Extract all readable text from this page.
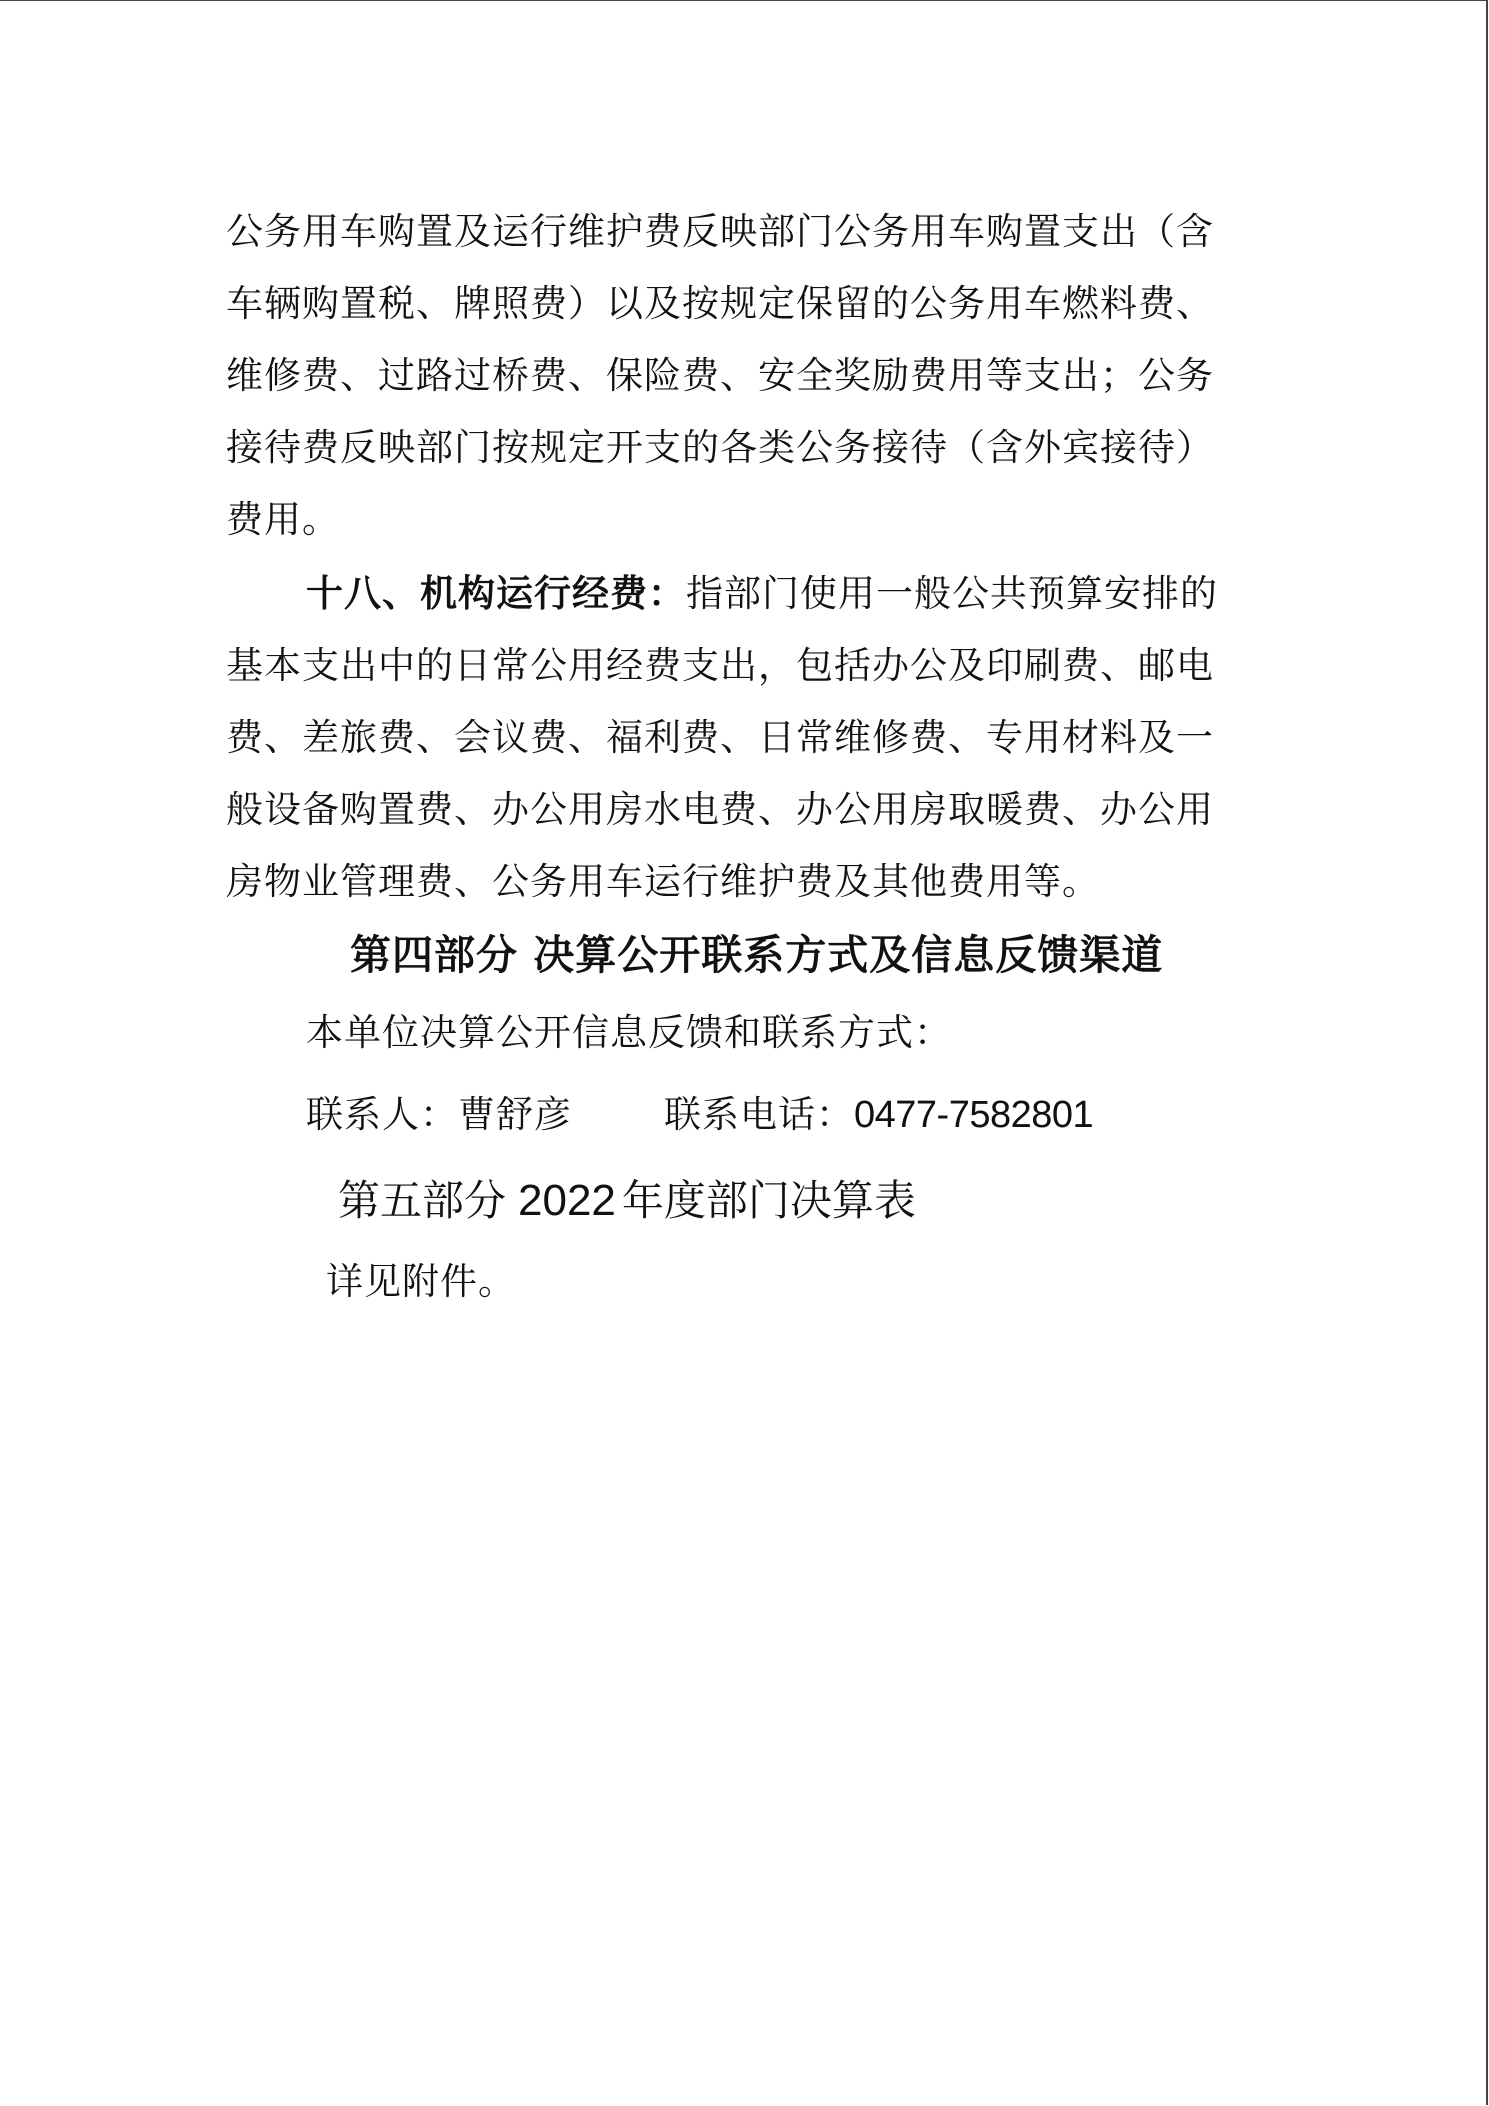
公务用车购置及运行维护费反映部门公务用车购置支出（含
车辆购置税、牌照费）以及按规定保留的公务用车燃料费、
维修费、过路过桥费、保险费、安全奖励费用等支出；公务
接待费反映部门按规定开支的各类公务接待（含外宾接待）
费用。
十八、机构运行经费：指部门使用一般公共预算安排的
基本支出中的日常公用经费支出，包括办公及印刷费、邮电
费、差旅费、会议费、福利费、日常维修费、专用材料及一
般设备购置费、办公用房水电费、办公用房取暖费、办公用
房物业管理费、公务用车运行维护费及其他费用等。
第四部分 决算公开联系方式及信息反馈渠道
本单位决算公开信息反馈和联系方式：
联系人：曹舒彦 联系电话：0477-7582801
第五部分 2022 年度部门决算表
详见附件。
